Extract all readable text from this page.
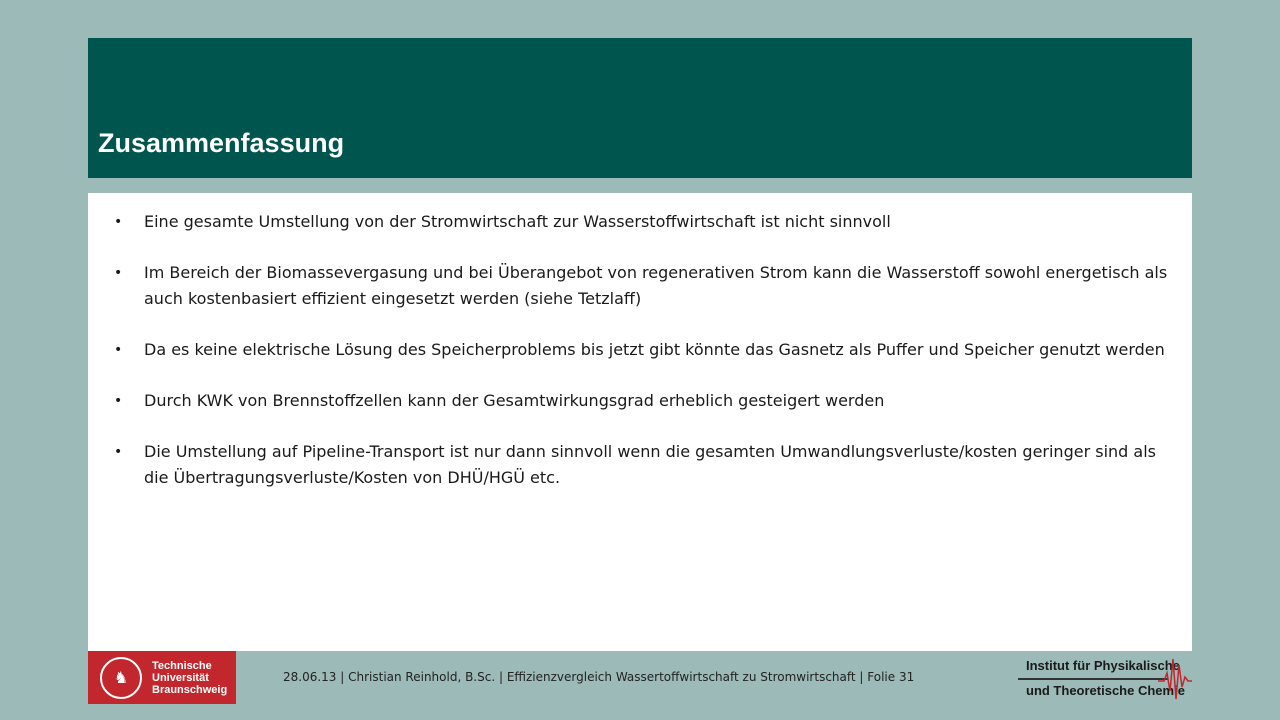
Zusammenfassung
• Eine gesamte Umstellung von der Stromwirtschaft zur Wasserstoffwirtschaft ist nicht sinnvoll
• Im Bereich der Biomassevergasung und bei Überangebot von regenerativen Strom kann die Wasserstoff sowohl energetisch als auch kostenbasiert effizient eingesetzt werden (siehe Tetzlaff)
• Da es keine elektrische Lösung des Speicherproblems bis jetzt gibt könnte das Gasnetz als Puffer und Speicher genutzt werden
• Durch KWK von Brennstoffzellen kann der Gesamtwirkungsgrad erheblich gesteigert werden
• Die Umstellung auf Pipeline-Transport ist nur dann sinnvoll wenn die gesamten Umwandlungsverluste/kosten geringer sind als die Übertragungsverluste/Kosten von DHÜ/HGÜ etc.
♞
Technische
Universität
Braunschweig
28.06.13 | Christian Reinhold, B.Sc. | Effizienzvergleich Wassertoffwirtschaft zu Stromwirtschaft | Folie 31
Institut für Physikalische
und Theoretische Chemie
